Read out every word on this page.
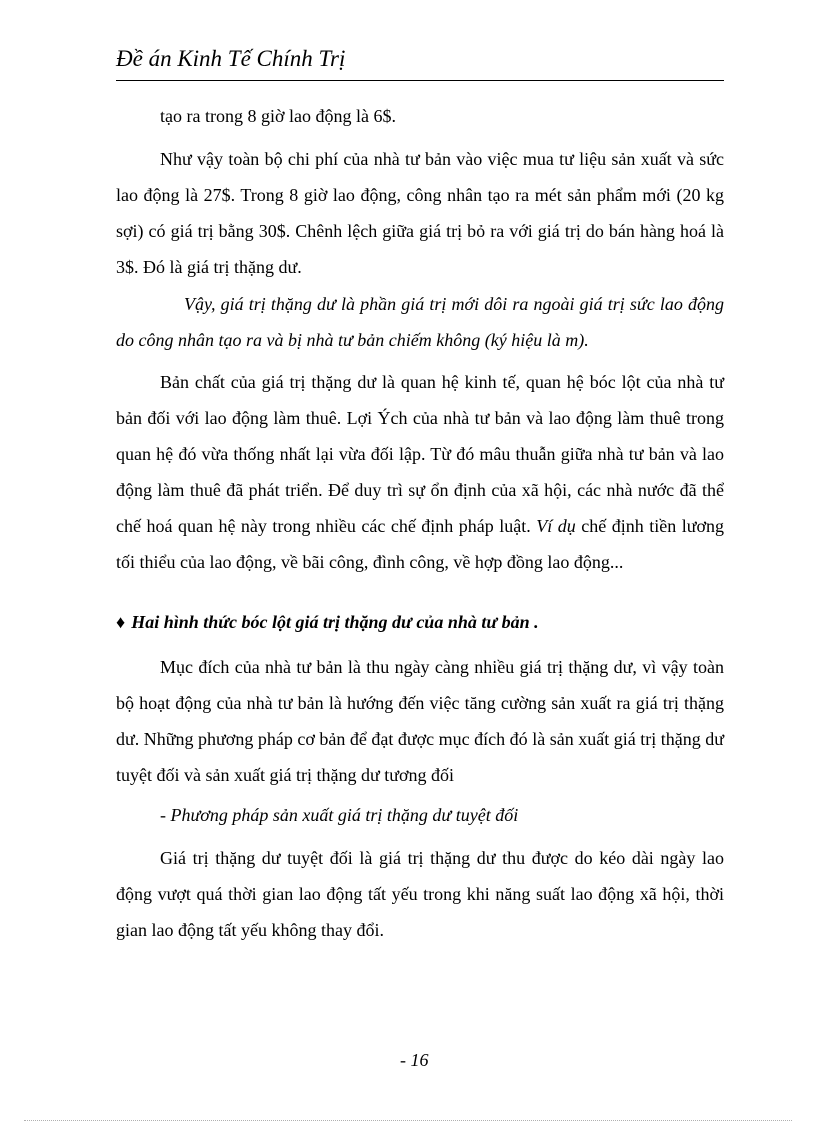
Đề án Kinh Tế Chính Trị
tạo ra trong 8 giờ lao động là 6$.
Như vậy toàn bộ chi phí của nhà tư bản vào việc mua tư liệu sản xuất và sức lao động là 27$. Trong 8 giờ lao động, công nhân tạo ra mét sản phẩm mới (20 kg sợi) có giá trị bằng 30$. Chênh lệch giữa giá trị bỏ ra với giá trị do bán hàng hoá là 3$. Đó là giá trị thặng dư.
Vậy, giá trị thặng dư là phần giá trị mới dôi ra ngoài giá trị sức lao động do công nhân tạo ra và bị nhà tư bản chiếm không (ký hiệu là m).
Bản chất của giá trị thặng dư là quan hệ kinh tế, quan hệ bóc lột của nhà tư bản đối với lao động làm thuê. Lợi Ých của nhà tư bản và lao động làm thuê trong quan hệ đó vừa thống nhất lại vừa đối lập. Từ đó mâu thuẫn giữa nhà tư bản và lao động làm thuê đã phát triển. Để duy trì sự ổn định của xã hội, các nhà nước đã thể chế hoá quan hệ này trong nhiều các chế định pháp luật. Ví dụ chế định tiền lương tối thiểu của lao động, về bãi công, đình công, về hợp đồng lao động...
♦ Hai hình thức bóc lột giá trị thặng dư của nhà tư bản .
Mục đích của nhà tư bản là thu ngày càng nhiều giá trị thặng dư, vì vậy toàn bộ hoạt động của nhà tư bản là hướng đến việc tăng cường sản xuất ra giá trị thặng dư. Những phương pháp cơ bản để đạt được mục đích đó là sản xuất giá trị thặng dư tuyệt đối và sản xuất giá trị thặng dư tương đối
- Phương pháp sản xuất giá trị thặng dư tuyệt đối
Giá trị thặng dư tuyệt đối là giá trị thặng dư thu được do kéo dài ngày lao động vượt quá thời gian lao động tất yếu trong khi năng suất lao động xã hội, thời gian lao động tất yếu không thay đổi.
- 16
